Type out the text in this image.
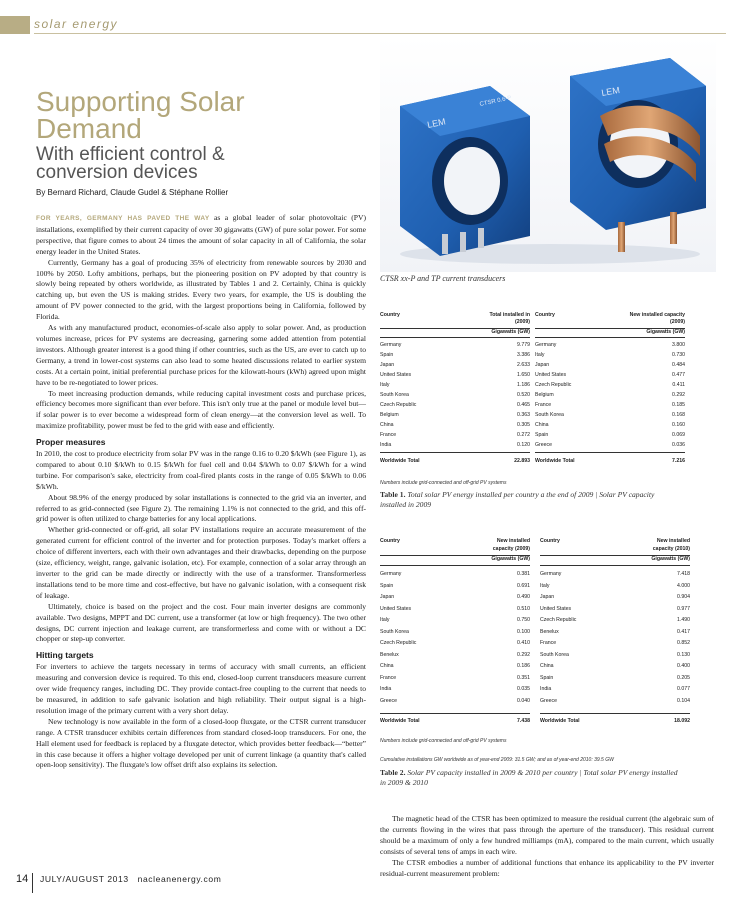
solar energy
Supporting Solar
Demand
With efficient control &
conversion devices
By Bernard Richard, Claude Gudel & Stéphane Rollier

FOR YEARS, GERMANY HAS PAVED THE WAY as a global leader of solar photovoltaic (PV) installations, exemplified by their current capacity of over 30 gigawatts (GW) of pure solar power. For some perspective, that figure comes to about 24 times the amount of solar capacity in all of California, the solar energy leader in the United States.

Currently, Germany has a goal of producing 35% of electricity from renewable sources by 2030 and 100% by 2050. Lofty ambitions, perhaps, but the pioneering position on PV adopted by that country is slowly being repeated by others worldwide, as illustrated by Tables 1 and 2. Certainly, China is quickly catching up, but even the US is making strides. Every two years, for example, the US is doubling the amount of PV power connected to the grid, with the largest proportions being in California, followed by Florida.

As with any manufactured product, economies-of-scale also apply to solar power. And, as production volumes increase, prices for PV systems are decreasing, garnering some added attention from potential investors. Although greater interest is a good thing if other countries, such as the US, are ever to catch up to Germany, a trend in lower-cost systems can also lead to some heated discussions related to earlier system costs. At a certain point, initial preferential purchase prices for the kilowatt-hours (kWh) agreed upon might have to be re-negotiated to lower prices.

To meet increasing production demands, while reducing capital investment costs and purchase prices, efficiency becomes more significant than ever before. This isn't only true at the panel or module level but—if solar power is to ever become a widespread form of clean energy—at the conversion level as well. To maximize profitability, power must be fed to the grid with ease and efficiently.

Proper measures

In 2010, the cost to produce electricity from solar PV was in the range 0.16 to 0.20 $/kWh (see Figure 1), as compared to about 0.10 $/kWh to 0.15 $/kWh for fuel cell and 0.04 $/kWh to 0.07 $/kWh for a wind turbine. For comparison's sake, electricity from coal-fired plants costs in the range of 0.05 $/kWh to 0.06 $/kWh.

About 98.9% of the energy produced by solar installations is connected to the grid via an inverter, and referred to as grid-connected (see Figure 2). The remaining 1.1% is not connected to the grid, and this off-grid power is often utilized to charge batteries for any local applications.

Whether grid-connected or off-grid, all solar PV installations require an accurate measurement of the generated current for efficient control of the inverter and for protection purposes. Today's market offers a choice of different inverters, each with their own advantages and their drawbacks, depending on the purpose (size, efficiency, weight, range, galvanic isolation, etc). For example, connection of a solar array through an inverter to the grid can be made directly or indirectly with the use of a transformer. Transformerless installations tend to be more time and cost-effective, but have no galvanic isolation, with a consequent risk of leakage.

Ultimately, choice is based on the project and the cost. Four main inverter designs are commonly available. Two designs, MPPT and DC current, use a transformer (at low or high frequency). The two other designs, DC current injection and leakage current, are transformerless and come with or without a DC chopper or step-up converter.

Hitting targets

For inverters to achieve the targets necessary in terms of accuracy with small currents, an efficient measuring and conversion device is required. To this end, closed-loop current transducers measure current over wide frequency ranges, including DC. They provide contact-free coupling to the current that needs to be measured, in addition to safe galvanic isolation and high reliability. Their output signal is a high-resolution image of the primary current with a very short delay.

New technology is now available in the form of a closed-loop fluxgate, or the CTSR current transducer range. A CTSR transducer exhibits certain differences from standard closed-loop transducers. For one, the Hall element used for feedback is replaced by a fluxgate detector, which provides better feedback—“better” in this case because it offers a higher voltage developed per unit of current linkage (a quantity that's called open-loop sensitivity). The fluxgate's low offset drift also explains its selection.

LEM
LEM
CTSR 0.6-P
CTSR xx-P and TP current transducers
Country	Total installed in
(2009)
Gigawatts (GW)
Germany	9.779
Spain	3.386
Japan	2.633
United States	1.650
Italy	1.186
South Korea	0.520
Czech Republic	0.465
Belgium	0.363
China	0.305
France	0.272
India	0.120
Worldwide Total	22.893
Country	New installed capacity
(2009)
Gigawatts (GW)
Germany	3.800
Italy	0.730
Japan	0.484
United States	0.477
Czech Republic	0.411
Belgium	0.292
France	0.185
South Korea	0.168
China	0.160
Spain	0.069
Greece	0.036
Worldwide Total	7.216
Numbers include grid-connected and off-grid PV systems
Table 1. Total solar PV energy installed per country a the end of 2009 | Solar PV capacity installed in 2009
Country	New installed
capacity (2009)
Gigawatts (GW)
Germany	0.381
Spain	0.691
Japan	0.490
United States	0.510
Italy	0.750
South Korea	0.100
Czech Republic	0.410
Benelux	0.292
China	0.186
France	0.351
India	0.035
Greece	0.040
Worldwide Total	7.438
Country	New installed
capacity (2010)
Gigawatts (GW)
Germany	7.418
Italy	4.000
Japan	0.904
United States	0.977
Czech Republic	1.490
Benelux	0.417
France	0.852
South Korea	0.130
China	0.400
Spain	0.205
India	0.077
Greece	0.104
Worldwide Total	18.092
Numbers include grid-connected and off-grid PV systems
Cumulative installations GW worldwide as of year-end 2009: 31.5 GW; and as of year-end 2010: 39.5 GW
Table 2. Solar PV capacity installed in 2009 & 2010 per country | Total solar PV energy installed in 2009 & 2010

The magnetic head of the CTSR has been optimized to measure the residual current (the algebraic sum of the currents flowing in the wires that pass through the aperture of the transducer). This residual current should be a maximum of only a few hundred milliamps (mA), compared to the main current, which usually consists of several tens of amps in each wire.

The CTSR embodies a number of additional functions that enhance its applicability to the PV inverter residual-current measurement problem:

14 JULY/AUGUST 2013 nacleanenergy.com
